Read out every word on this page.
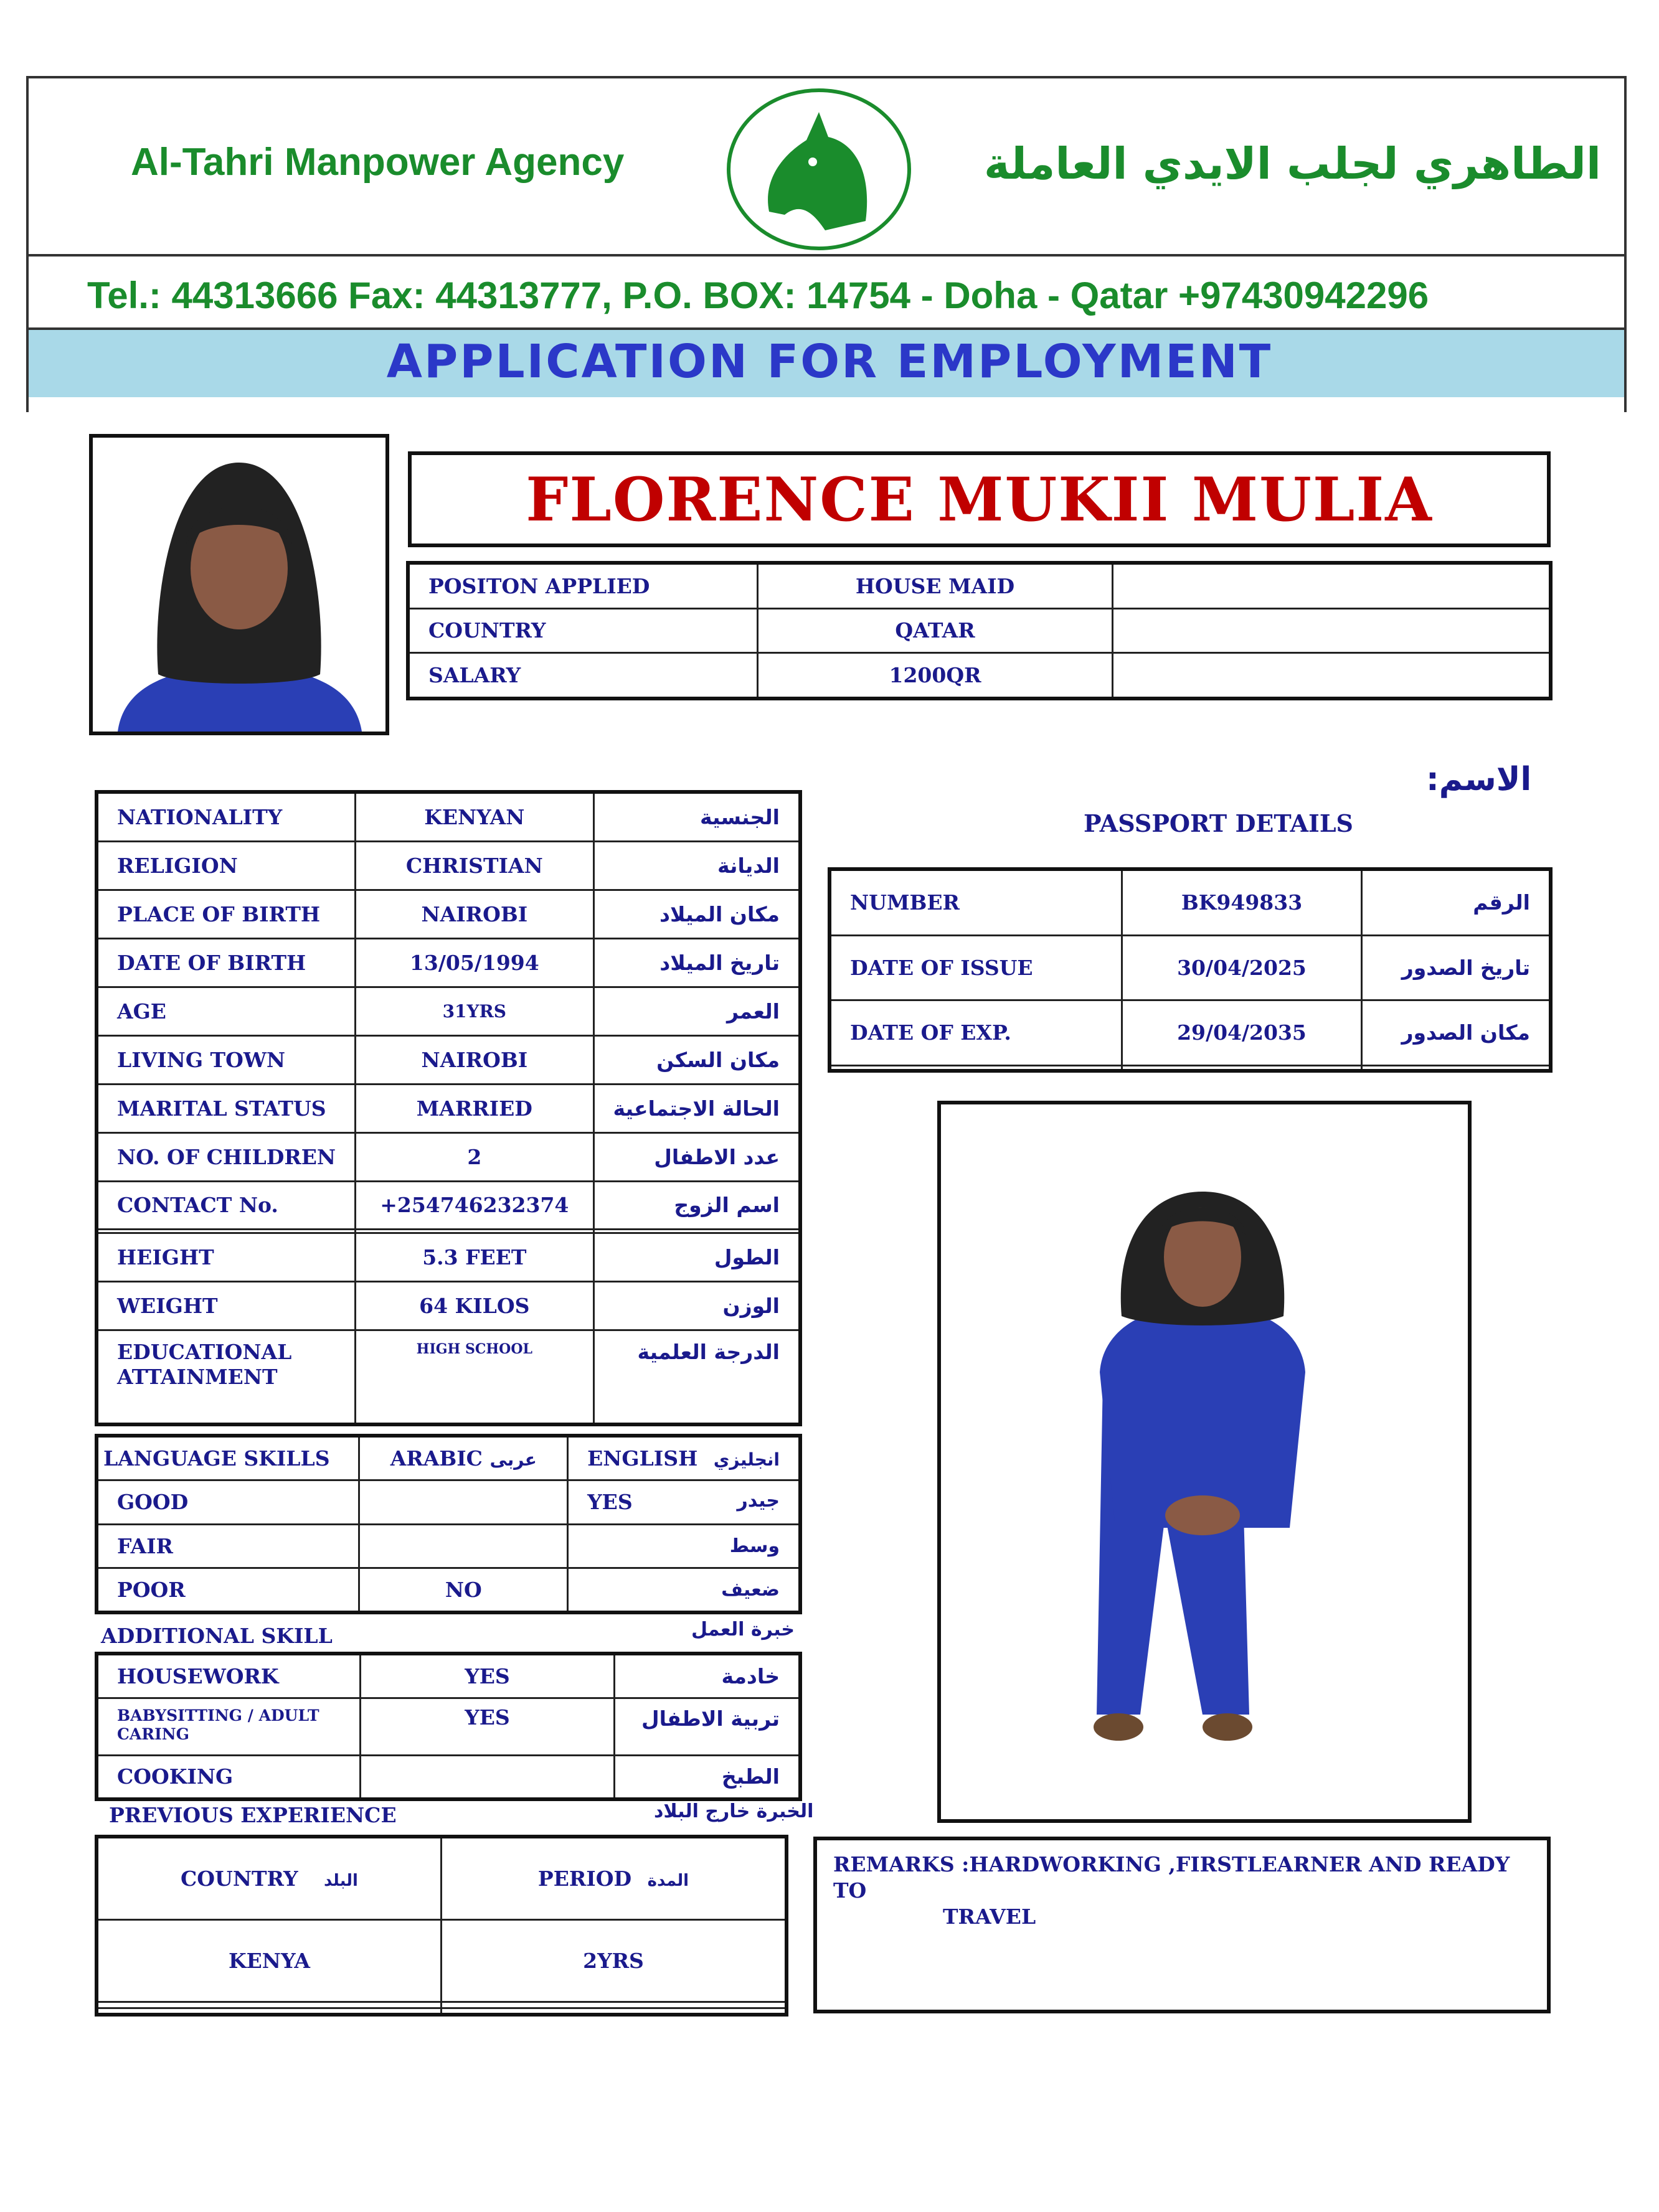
Al-Tahri Manpower Agency	الطاهري لجلب الايدي العاملة
Tel.: 44313666 Fax: 44313777, P.O. BOX: 14754 - Doha - Qatar +97430942296
APPLICATION FOR EMPLOYMENT
FLORENCE MUKII MULIA
POSITON APPLIED	HOUSE MAID	
COUNTRY	QATAR	
SALARY	1200QR	
الاسم:
PASSPORT DETAILS
NATIONALITY	KENYAN	الجنسية
RELIGION	CHRISTIAN	الديانة
PLACE OF BIRTH	NAIROBI	مكان الميلاد
DATE OF BIRTH	13/05/1994	تاريخ الميلاد
AGE	31YRS	العمر
LIVING TOWN	NAIROBI	مكان السكن
MARITAL STATUS	MARRIED	الحالة الاجتماعية
NO. OF CHILDREN	2	عدد الاطفال
CONTACT No.	+254746232374	اسم الزوج

HEIGHT	5.3 FEET	الطول
WEIGHT	64 KILOS	الوزن
EDUCATIONAL ATTAINMENT	HIGH SCHOOL	الدرجة العلمية
NUMBER	BK949833	الرقم
DATE OF ISSUE	30/04/2025	تاريخ الصدور
DATE OF EXP.	29/04/2035	مكان الصدور

LANGUAGE SKILLS	ARABIC عربى	ENGLISH انجليزي
GOOD		YES جيدر

FAIR		وسط

POOR	NO	ضعيف
ADDITIONAL SKILL	خبرة العمل
HOUSEWORK	YES	خادمة
BABYSITTING / ADULT CARING	YES	تربية الاطفال
COOKING		الطبخ
PREVIOUS EXPERIENCE	الخبرة خارج البلاد
COUNTRY البلد	PERIOD المدة
KENYA	2YRS

REMARKS :HARDWORKING ,FIRSTLEARNER AND READY TO
TRAVEL
